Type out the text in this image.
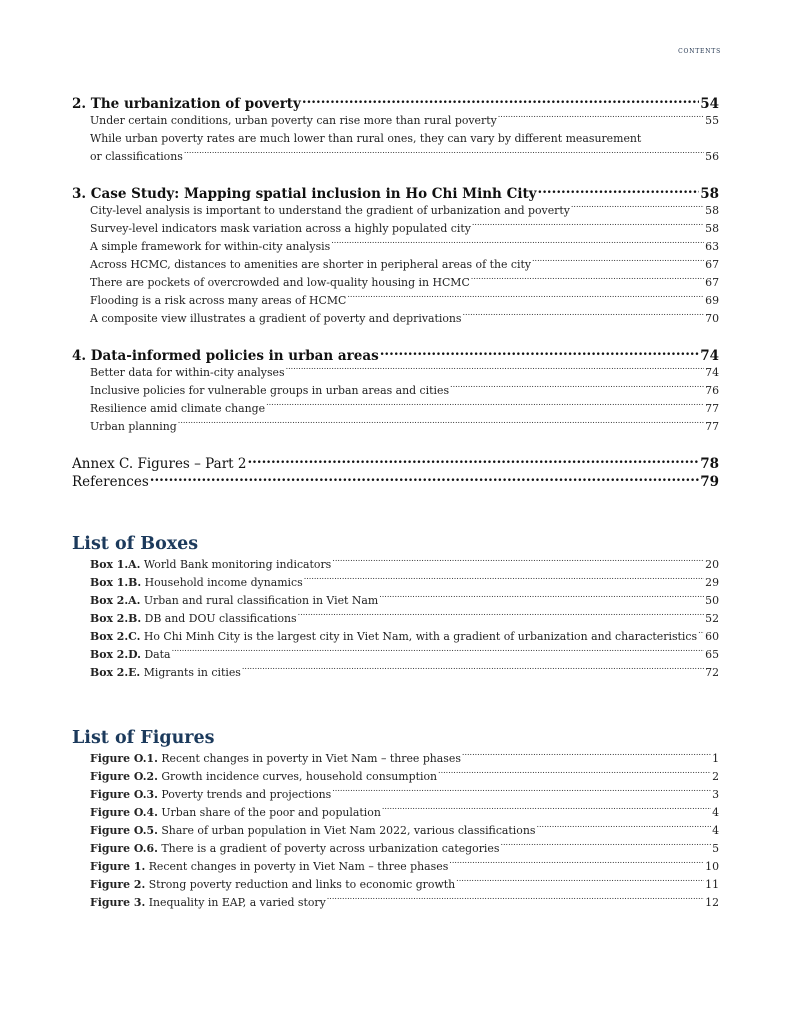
contents
2. The urbanization of poverty .....	54
Under certain conditions, urban poverty can rise more than rural poverty .....	55
While urban poverty rates are much lower than rural ones, they can vary by different measurement
or classifications .....	56
3. Case Study: Mapping spatial inclusion in Ho Chi Minh City .....	58
City-level analysis is important to understand the gradient of urbanization and poverty .....	58
Survey-level indicators mask variation across a highly populated city .....	58
A simple framework for within-city analysis .....	63
Across HCMC, distances to amenities are shorter in peripheral areas of the city .....	67
There are pockets of overcrowded and low-quality housing in HCMC .....	67
Flooding is a risk across many areas of HCMC .....	69
A composite view illustrates a gradient of poverty and deprivations .....	70
4. Data-informed policies in urban areas .....	74
Better data for within-city analyses .....	74
Inclusive policies for vulnerable groups in urban areas and cities .....	76
Resilience amid climate change .....	77
Urban planning .....	77
Annex C. Figures – Part 2 .....	78
References .....	79
List of Boxes
Box 1.A. World Bank monitoring indicators .....	20
Box 1.B. Household income dynamics .....	29
Box 2.A. Urban and rural classification in Viet Nam .....	50
Box 2.B. DB and DOU classifications .....	52
Box 2.C. Ho Chi Minh City is the largest city in Viet Nam, with a gradient of urbanization and characteristics ..... 60
Box 2.D. Data .....	65
Box 2.E. Migrants in cities .....	72
List of Figures
Figure O.1. Recent changes in poverty in Viet Nam – three phases .....	1
Figure O.2. Growth incidence curves, household consumption .....	2
Figure O.3. Poverty trends and projections .....	3
Figure O.4. Urban share of the poor and population .....	4
Figure O.5. Share of urban population in Viet Nam 2022, various classifications .....	4
Figure O.6. There is a gradient of poverty across urbanization categories .....	5
Figure 1. Recent changes in poverty in Viet Nam – three phases .....	10
Figure 2. Strong poverty reduction and links to economic growth .....	11
Figure 3. Inequality in EAP, a varied story .....	12
